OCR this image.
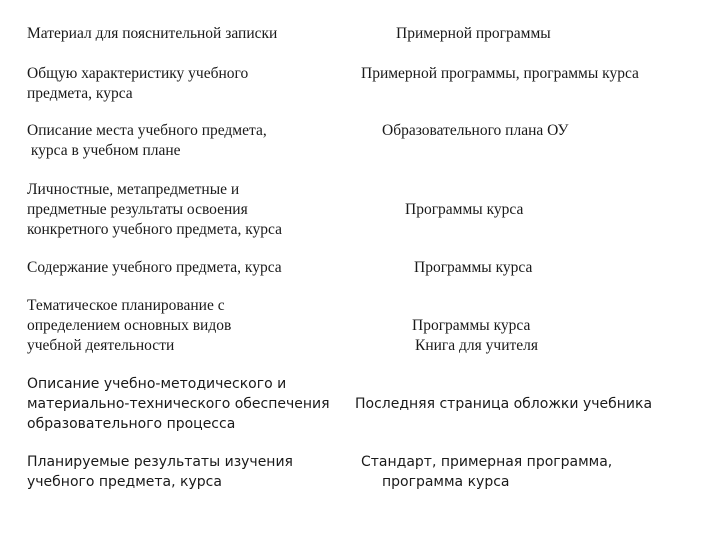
Материал для пояснительной записки	Примерной программы
Общую характеристику учебного
предмета, курса
Примерной программы, программы курса
Описание места учебного предмета,
курса в учебном плане
Образовательного плана ОУ
Личностные, метапредметные и
предметные результаты освоения
конкретного учебного предмета, курса
Программы курса
Содержание учебного предмета, курса	Программы курса
Тематическое планирование с
определением основных видов
учебной деятельности
Программы курса
Книга для учителя
Описание учебно-методического и
материально-технического обеспечения
образовательного процесса
Последняя страница обложки учебника
Планируемые результаты изучения
учебного предмета, курса
Стандарт, примерная программа,
программа курса
